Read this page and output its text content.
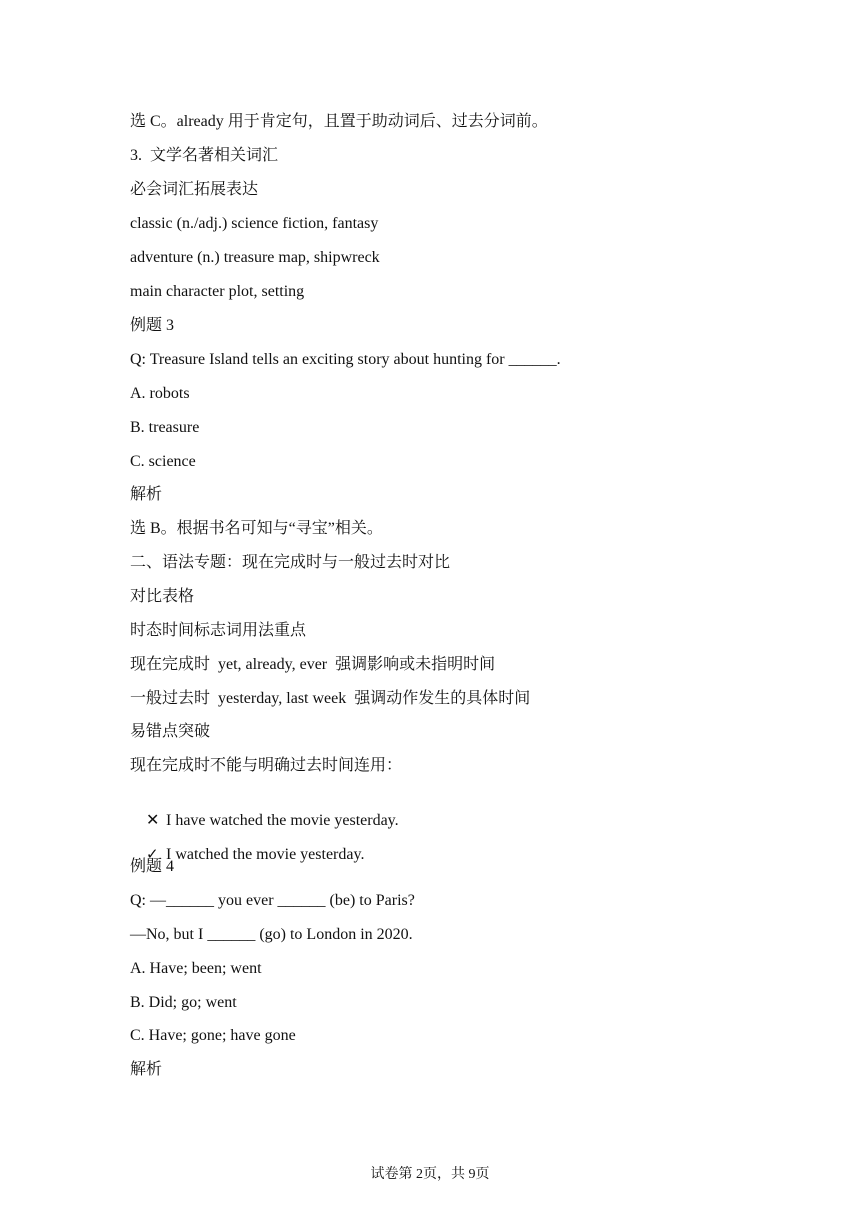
选 C。already 用于肯定句，且置于助动词后、过去分词前。
3.  文学名著相关词汇
必会词汇拓展表达
classic (n./adj.) science fiction, fantasy
adventure (n.) treasure map, shipwreck
main character plot, setting
例题 3
Q: Treasure Island tells an exciting story about hunting for ______.
A. robots
B. treasure
C. science
解析
选 B。根据书名可知与“寻宝”相关。
二、语法专题：现在完成时与一般过去时对比
对比表格
时态时间标志词用法重点
现在完成时  yet, already, ever  强调影响或未指明时间
一般过去时  yesterday, last week  强调动作发生的具体时间
易错点突破
现在完成时不能与明确过去时间连用：

✕ I have watched the movie yesterday.

✓ I watched the movie yesterday.

例题 4
Q: —______ you ever ______ (be) to Paris?
—No, but I ______ (go) to London in 2020.
A. Have; been; went
B. Did; go; went
C. Have; gone; have gone
解析
试卷第 2页，共 9页
